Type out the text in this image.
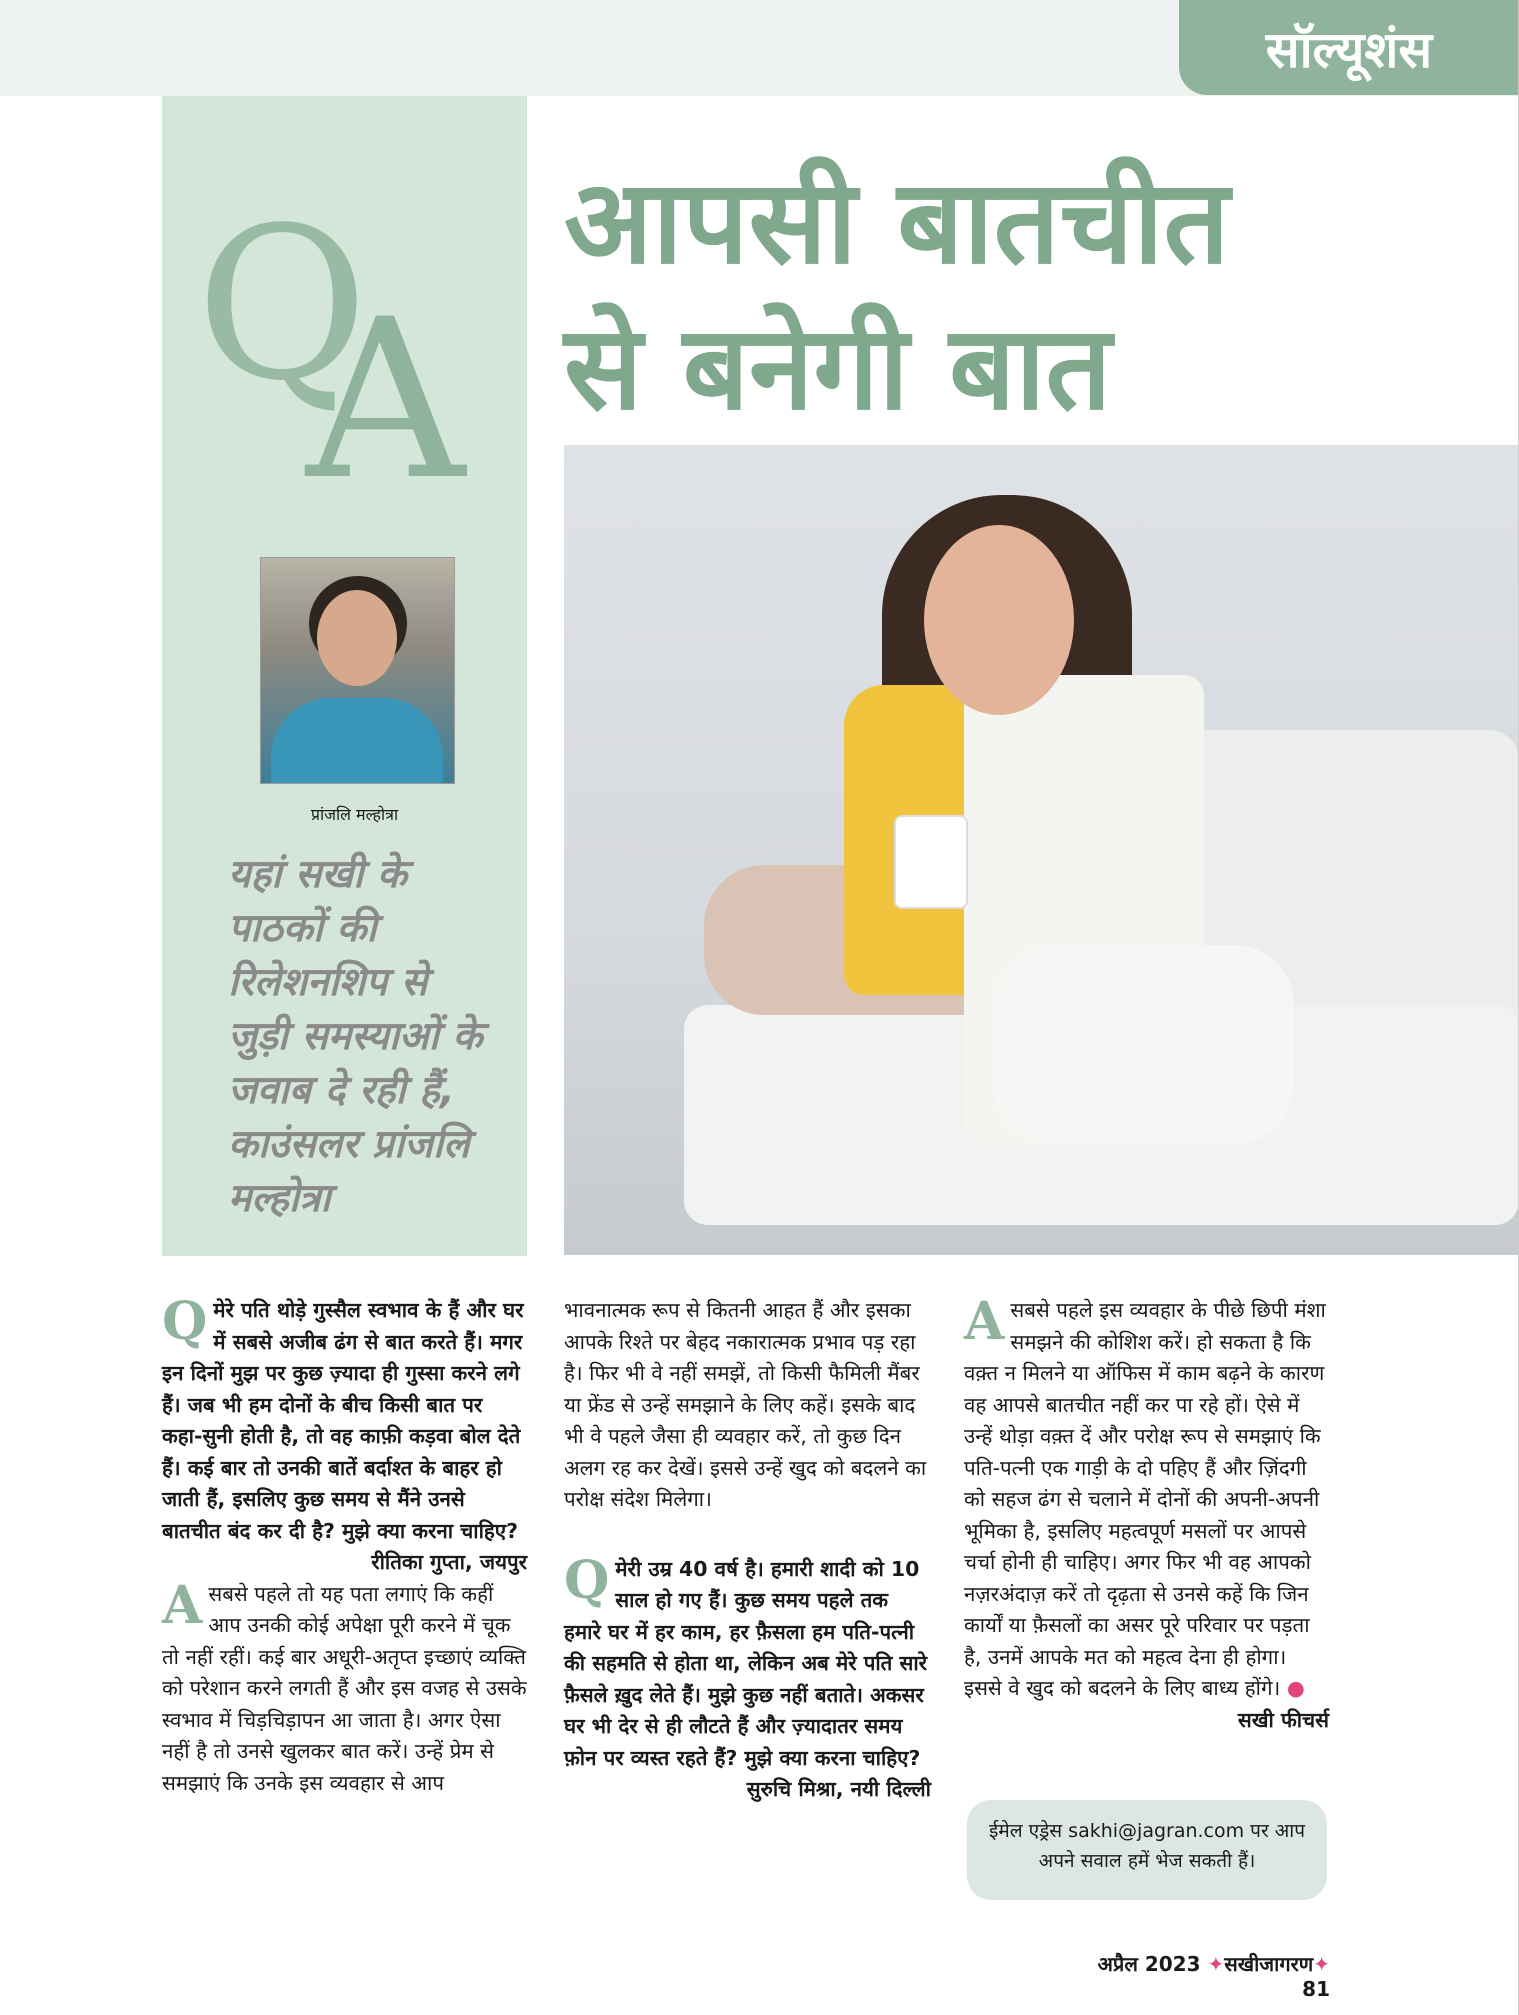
सॉल्यूशंस
Q
A
आपसी बातचीत
से बनेगी बात
प्रांजलि मल्होत्रा

यहां सखी के पाठकों की रिलेशनशिप से जुड़ी समस्याओं के जवाब दे रही हैं, काउंसलर प्रांजलि मल्होत्रा

Q मेरे पति थोड़े गुस्सैल स्वभाव के हैं और घर में सबसे अजीब ढंग से बात करते हैं। मगर इन दिनों मुझ पर कुछ ज़्यादा ही गुस्सा करने लगे हैं। जब भी हम दोनों के बीच किसी बात पर कहा-सुनी होती है, तो वह काफ़ी कड़वा बोल देते हैं। कई बार तो उनकी बातें बर्दाश्त के बाहर हो जाती हैं, इसलिए कुछ समय से मैंने उनसे बातचीत बंद कर दी है? मुझे क्या करना चाहिए?

रीतिका गुप्ता, जयपुर

A सबसे पहले तो यह पता लगाएं कि कहीं आप उनकी कोई अपेक्षा पूरी करने में चूक तो नहीं रहीं। कई बार अधूरी-अतृप्त इच्छाएं व्यक्ति को परेशान करने लगती हैं और इस वजह से उसके स्वभाव में चिड़चिड़ापन आ जाता है। अगर ऐसा नहीं है तो उनसे खुलकर बात करें। उन्हें प्रेम से समझाएं कि उनके इस व्यवहार से आप

भावनात्मक रूप से कितनी आहत हैं और इसका आपके रिश्ते पर बेहद नकारात्मक प्रभाव पड़ रहा है। फिर भी वे नहीं समझें, तो किसी फैमिली मैंबर या फ्रेंड से उन्हें समझाने के लिए कहें। इसके बाद भी वे पहले जैसा ही व्यवहार करें, तो कुछ दिन अलग रह कर देखें। इससे उन्हें खुद को बदलने का परोक्ष संदेश मिलेगा।

Q मेरी उम्र 40 वर्ष है। हमारी शादी को 10 साल हो गए हैं। कुछ समय पहले तक हमारे घर में हर काम, हर फ़ैसला हम पति-पत्नी की सहमति से होता था, लेकिन अब मेरे पति सारे फ़ैसले ख़ुद लेते हैं। मुझे कुछ नहीं बताते। अकसर घर भी देर से ही लौटते हैं और ज़्यादातर समय फ़ोन पर व्यस्त रहते हैं? मुझे क्या करना चाहिए?

सुरुचि मिश्रा, नयी दिल्ली

A सबसे पहले इस व्यवहार के पीछे छिपी मंशा समझने की कोशिश करें। हो सकता है कि वक़्त न मिलने या ऑफिस में काम बढ़ने के कारण वह आपसे बातचीत नहीं कर पा रहे हों। ऐसे में उन्हें थोड़ा वक़्त दें और परोक्ष रूप से समझाएं कि पति-पत्नी एक गाड़ी के दो पहिए हैं और ज़िंदगी को सहज ढंग से चलाने में दोनों की अपनी-अपनी भूमिका है, इसलिए महत्वपूर्ण मसलों पर आपसे चर्चा होनी ही चाहिए। अगर फिर भी वह आपको नज़रअंदाज़ करें तो दृढ़ता से उनसे कहें कि जिन कार्यों या फ़ैसलों का असर पूरे परिवार पर पड़ता है, उनमें आपके मत को महत्व देना ही होगा। इससे वे खुद को बदलने के लिए बाध्य होंगे। ●

सखी फीचर्स

ईमेल एड्रेस sakhi@jagran.com पर आप अपने सवाल हमें भेज सकती हैं।
अप्रैल 2023 ✦सखीजागरण✦ 81
